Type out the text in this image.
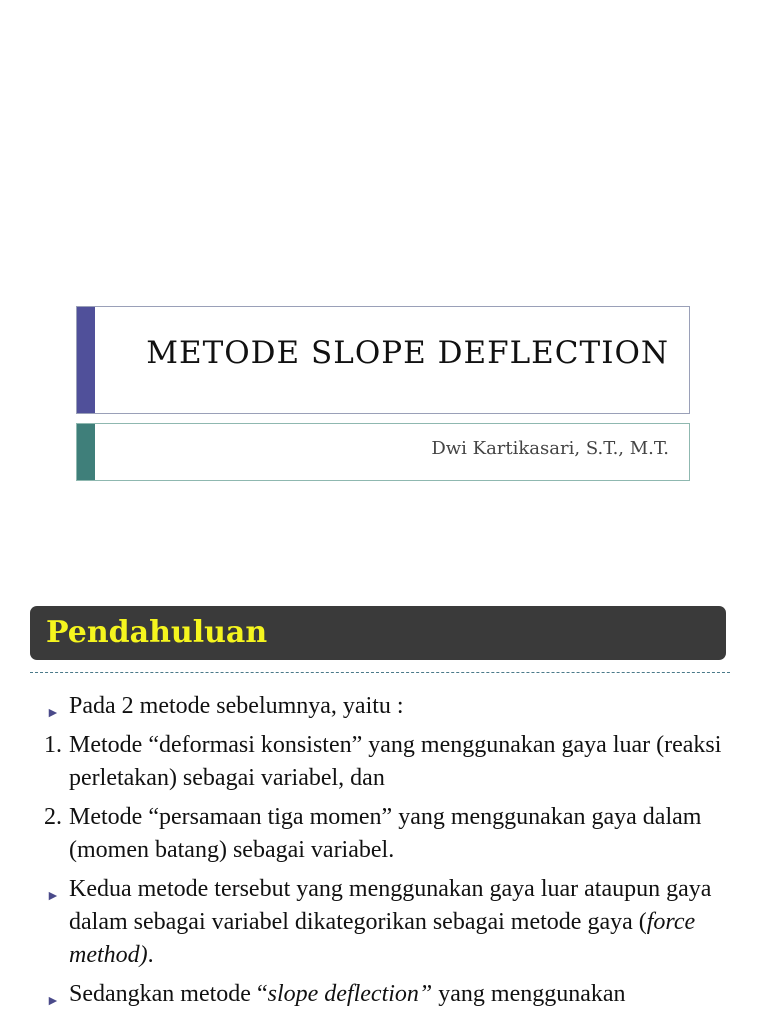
METODE SLOPE DEFLECTION
Dwi Kartikasari, S.T., M.T.
Pendahuluan
► Pada 2 metode sebelumnya, yaitu :
1. Metode “deformasi konsisten” yang menggunakan gaya luar (reaksi perletakan) sebagai variabel, dan
2. Metode “persamaan tiga momen” yang menggunakan gaya dalam (momen batang) sebagai variabel.
► Kedua metode tersebut yang menggunakan gaya luar ataupun gaya dalam sebagai variabel dikategorikan sebagai metode gaya (force method).
► Sedangkan metode “slope deflection” yang menggunakan
